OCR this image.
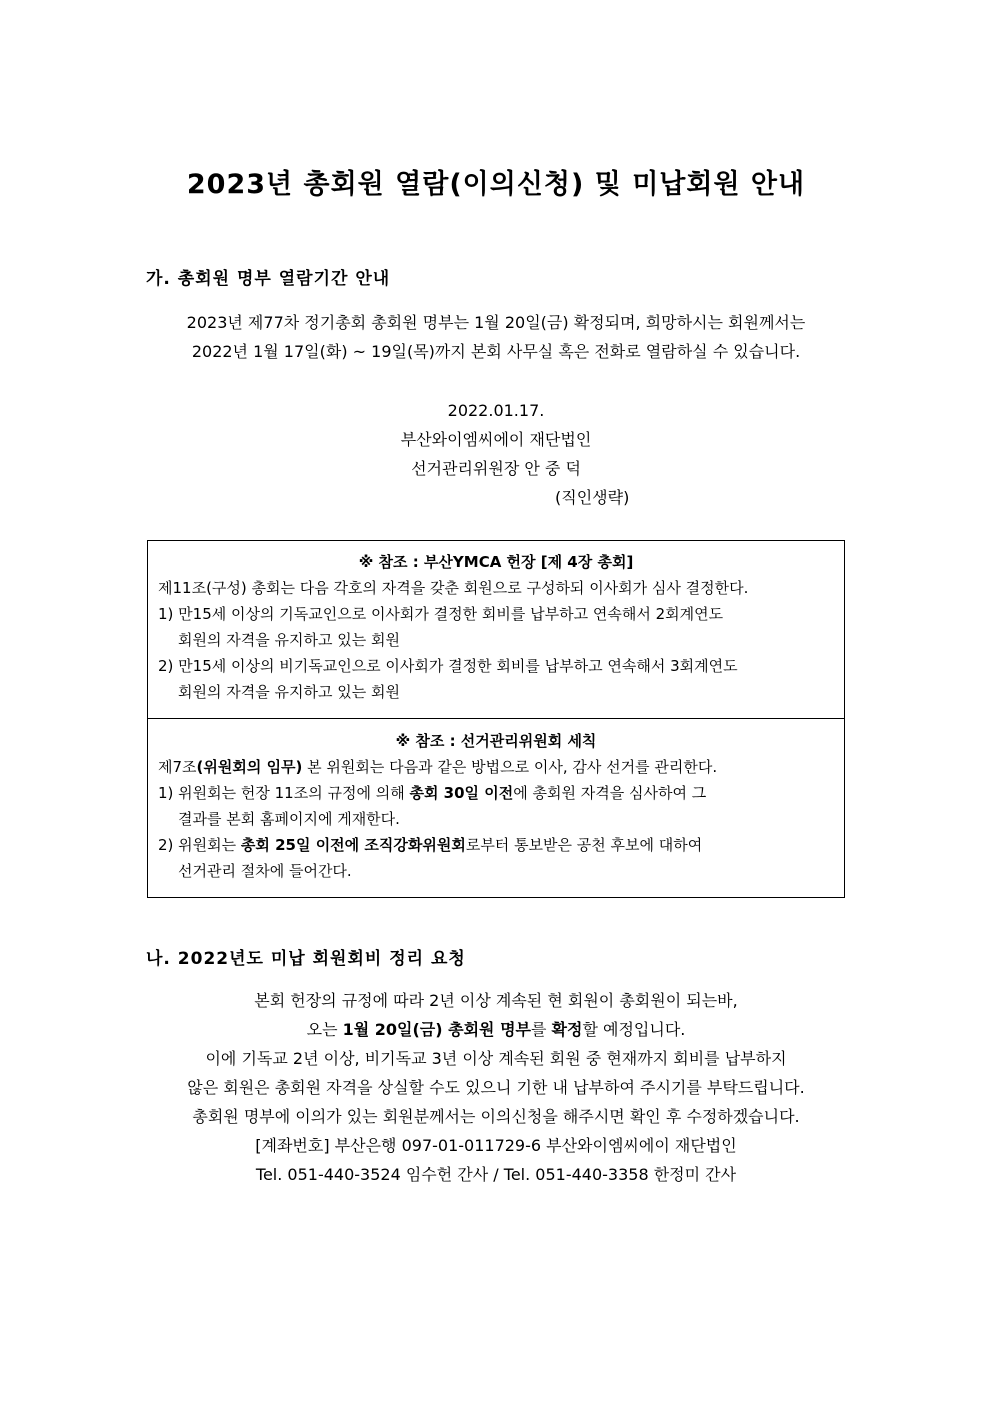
2023년 총회원 열람(이의신청) 및 미납회원 안내
가. 총회원 명부 열람기간 안내
2023년 제77차 정기총회 총회원 명부는 1월 20일(금) 확정되며, 희망하시는 회원께서는
2022년 1월 17일(화) ~ 19일(목)까지 본회 사무실 혹은 전화로 열람하실 수 있습니다.
2022.01.17.
부산와이엠씨에이 재단법인
선거관리위원장 안 중 덕
(직인생략)
※ 참조 : 부산YMCA 헌장 [제 4장 총회]
제11조(구성) 총회는 다음 각호의 자격을 갖춘 회원으로 구성하되 이사회가 심사 결정한다.
1) 만15세 이상의 기독교인으로 이사회가 결정한 회비를 납부하고 연속해서 2회계연도
회원의 자격을 유지하고 있는 회원
2) 만15세 이상의 비기독교인으로 이사회가 결정한 회비를 납부하고 연속해서 3회계연도
회원의 자격을 유지하고 있는 회원
※ 참조 : 선거관리위원회 세칙
제7조(위원회의 임무) 본 위원회는 다음과 같은 방법으로 이사, 감사 선거를 관리한다.
1) 위원회는 헌장 11조의 규정에 의해 총회 30일 이전에 총회원 자격을 심사하여 그
결과를 본회 홈페이지에 게재한다.
2) 위원회는 총회 25일 이전에 조직강화위원회로부터 통보받은 공천 후보에 대하여
선거관리 절차에 들어간다.
나. 2022년도 미납 회원회비 정리 요청
본회 헌장의 규정에 따라 2년 이상 계속된 현 회원이 총회원이 되는바,
오는 1월 20일(금) 총회원 명부를 확정할 예정입니다.
이에 기독교 2년 이상, 비기독교 3년 이상 계속된 회원 중 현재까지 회비를 납부하지
않은 회원은 총회원 자격을 상실할 수도 있으니 기한 내 납부하여 주시기를 부탁드립니다.
총회원 명부에 이의가 있는 회원분께서는 이의신청을 해주시면 확인 후 수정하겠습니다.
[계좌번호] 부산은행 097-01-011729-6 부산와이엠씨에이 재단법인
Tel. 051-440-3524 임수헌 간사 / Tel. 051-440-3358 한정미 간사
